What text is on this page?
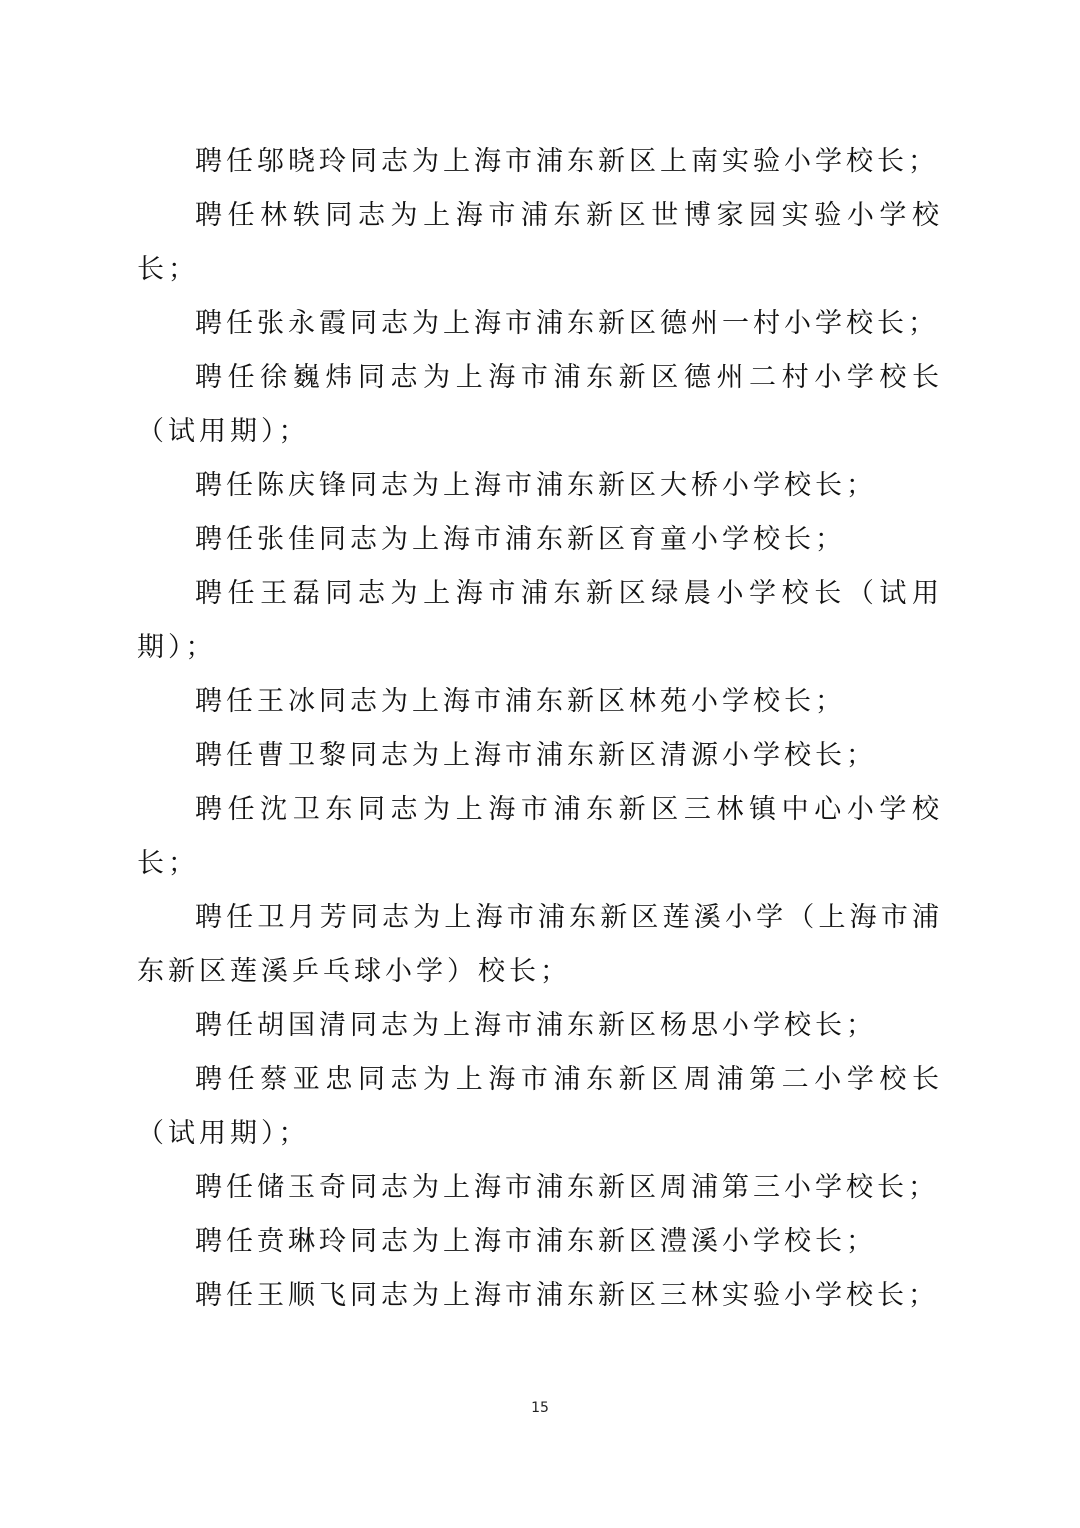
聘任邬晓玲同志为上海市浦东新区上南实验小学校长；

聘任林轶同志为上海市浦东新区世博家园实验小学校长；

聘任张永霞同志为上海市浦东新区德州一村小学校长；

聘任徐巍炜同志为上海市浦东新区德州二村小学校长（试用期）；

聘任陈庆锋同志为上海市浦东新区大桥小学校长；

聘任张佳同志为上海市浦东新区育童小学校长；

聘任王磊同志为上海市浦东新区绿晨小学校长（试用期）；

聘任王冰同志为上海市浦东新区林苑小学校长；

聘任曹卫黎同志为上海市浦东新区清源小学校长；

聘任沈卫东同志为上海市浦东新区三林镇中心小学校长；

聘任卫月芳同志为上海市浦东新区莲溪小学（上海市浦东新区莲溪乒乓球小学）校长；

聘任胡国清同志为上海市浦东新区杨思小学校长；

聘任蔡亚忠同志为上海市浦东新区周浦第二小学校长（试用期）；

聘任储玉奇同志为上海市浦东新区周浦第三小学校长；

聘任贲琳玲同志为上海市浦东新区澧溪小学校长；

聘任王顺飞同志为上海市浦东新区三林实验小学校长；

15
